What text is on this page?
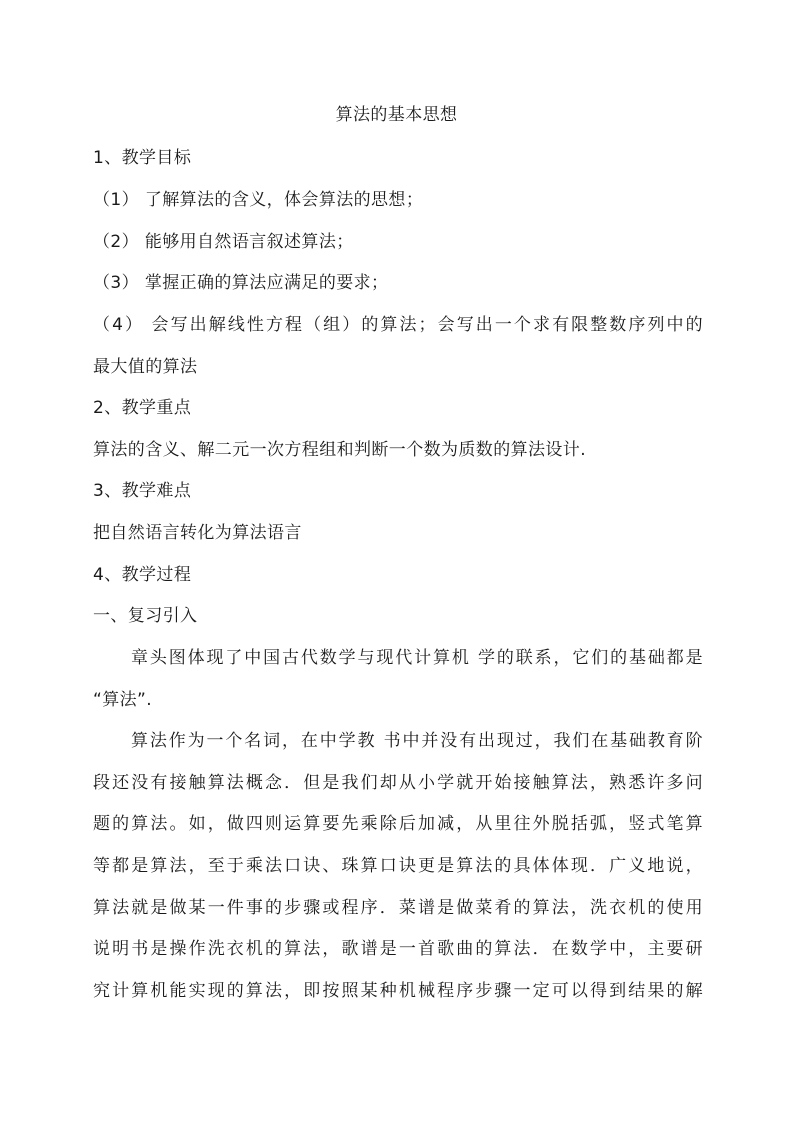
算法的基本思想
1、教学目标
（1） 了解算法的含义，体会算法的思想；
（2） 能够用自然语言叙述算法；
（3） 掌握正确的算法应满足的要求；
（4） 会写出解线性方程（组）的算法；会写出一个求有限整数序列中的
最大值的算法
2、教学重点
算法的含义、解二元一次方程组和判断一个数为质数的算法设计.
3、教学难点
把自然语言转化为算法语言
4、教学过程
一、复习引入
章头图体现了中国古代数学与现代计算机 学的联系，它们的基础都是
“算法”.
算法作为一个名词，在中学教 书中并没有出现过，我们在基础教育阶
段还没有接触算法概念．但是我们却从小学就开始接触算法，熟悉许多问
题的算法。如，做四则运算要先乘除后加减，从里往外脱括弧，竖式笔算
等都是算法，至于乘法口诀、珠算口诀更是算法的具体体现．广义地说，
算法就是做某一件事的步骤或程序．菜谱是做菜肴的算法，洗衣机的使用
说明书是操作洗衣机的算法，歌谱是一首歌曲的算法．在数学中，主要研
究计算机能实现的算法，即按照某种机械程序步骤一定可以得到结果的解
